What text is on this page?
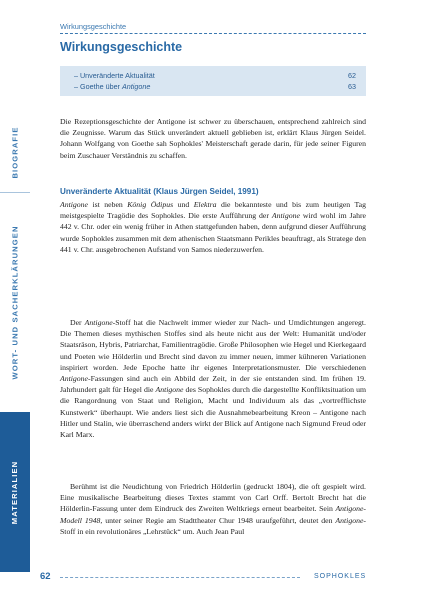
BIOGRAFIE
WORT- UND SACHERKLÄRUNGEN
MATERIALIEN
Wirkungsgeschichte
Wirkungsgeschichte
– Unveränderte Aktualität	62
– Goethe über Antigone	63
Die Rezeptionsgeschichte der Antigone ist schwer zu überschauen, entsprechend zahlreich sind die Zeugnisse. Warum das Stück unverändert aktuell geblieben ist, erklärt Klaus Jürgen Seidel. Johann Wolfgang von Goethe sah Sophokles' Meisterschaft gerade darin, für jede seiner Figuren beim Zuschauer Verständnis zu schaffen.
Unveränderte Aktualität (Klaus Jürgen Seidel, 1991)
Antigone ist neben König Ödipus und Elektra die bekannteste und bis zum heutigen Tag meistgespielte Tragödie des Sophokles. Die erste Aufführung der Antigone wird wohl im Jahre 442 v. Chr. oder ein wenig früher in Athen stattgefunden haben, denn aufgrund dieser Aufführung wurde Sophokles zusammen mit dem athenischen Staatsmann Perikles beauftragt, als Stratege den 441 v. Chr. ausgebrochenen Aufstand von Samos niederzuwerfen.
Der Antigone-Stoff hat die Nachwelt immer wieder zur Nach- und Umdichtungen angeregt. Die Themen dieses mythischen Stoffes sind als heute nicht aus der Welt: Humanität und/oder Staatsräson, Hybris, Patriarchat, Familientragödie. Große Philosophen wie Hegel und Kierkegaard und Poeten wie Hölderlin und Brecht sind davon zu immer neuen, immer kühneren Variationen inspiriert worden. Jede Epoche hatte ihr eigenes Interpretationsmuster. Die verschiedenen Antigone-Fassungen sind auch ein Abbild der Zeit, in der sie entstanden sind. Im frühen 19. Jahrhundert galt für Hegel die Antigone des Sophokles durch die dargestellte Konfliktsituation um die Rangordnung von Staat und Religion, Macht und Individuum als das „vortrefflichste Kunstwerk“ überhaupt. Wie anders liest sich die Ausnahmebearbeitung Kreon – Antigone nach Hitler und Stalin, wie überraschend anders wirkt der Blick auf Antigone nach Sigmund Freud oder Karl Marx.
Berühmt ist die Neudichtung von Friedrich Hölderlin (gedruckt 1804), die oft gespielt wird. Eine musikalische Bearbeitung dieses Textes stammt von Carl Orff. Bertolt Brecht hat die Hölderlin-Fassung unter dem Eindruck des Zweiten Weltkriegs erneut bearbeitet. Sein Antigone-Modell 1948, unter seiner Regie am Stadttheater Chur 1948 uraufgeführt, deutet den Antigone-Stoff in ein revolutionäres „Lehrstück“ um. Auch Jean Paul
62	SOPHOKLES
